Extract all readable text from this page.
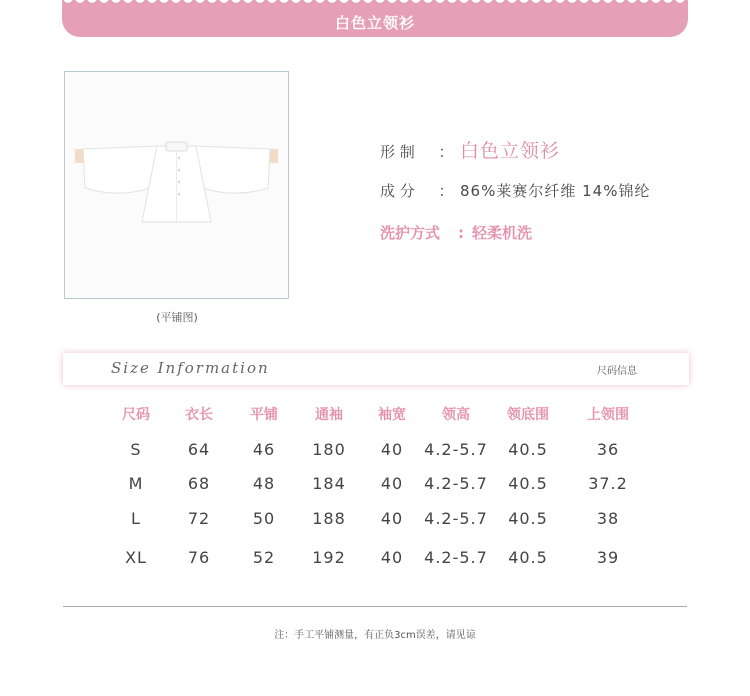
白色立领衫
(平铺图)
形 制 ： 白色立领衫
成 分 ： 86%莱赛尔纤维 14%锦纶
洗护方式 : 轻柔机洗
Size Information	尺码信息
尺码	衣长	平铺	通袖	袖宽	领高	领底围	上领围
S	64	46	180	40	4.2-5.7	40.5	36
M	68	48	184	40	4.2-5.7	40.5	37.2
L	72	50	188	40	4.2-5.7	40.5	38
XL	76	52	192	40	4.2-5.7	40.5	39
注：手工平铺测量，有正负3cm误差，请见谅
